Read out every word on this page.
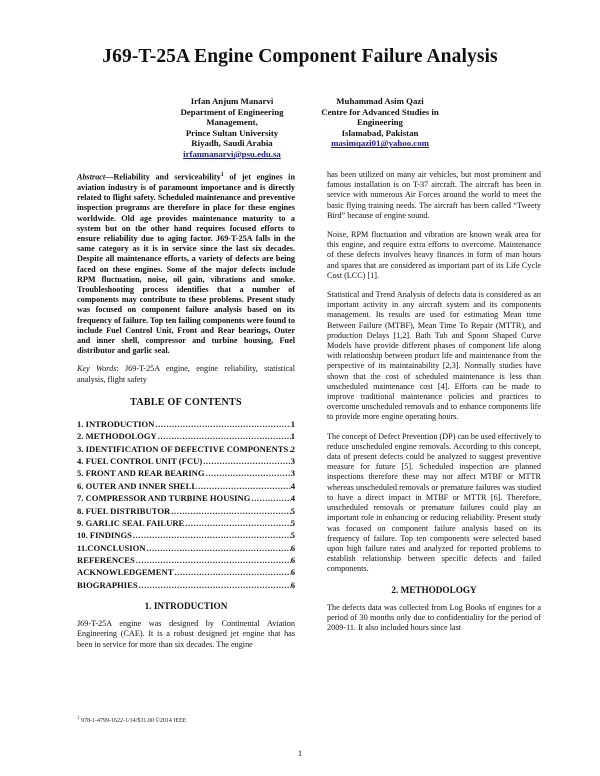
J69-T-25A Engine Component Failure Analysis
Irfan Anjum Manarvi
Department of Engineering
Management,
Prince Sultan University
Riyadh, Saudi Arabia
irfanmanarvi@psu.edu.sa
Muhammad Asim Qazi
Centre for Advanced Studies in
Engineering
Islamabad, Pakistan
masimqazi01@yahoo.com

Abstract—Reliability and serviceability$^1$ of jet engines in aviation industry is of paramount importance and is directly related to flight safety. Scheduled maintenance and preventive inspection programs are therefore in place for these engines worldwide. Old age provides maintenance maturity to a system but on the other hand requires focused efforts to ensure reliability due to aging factor. J69-T-25A falls in the same category as it is in service since the last six decades. Despite all maintenance efforts, a variety of defects are being faced on these engines. Some of the major defects include RPM fluctuation, noise, oil gain, vibrations and smoke. Troubleshooting process identifies that a number of components may contribute to these problems. Present study was focused on component failure analysis based on its frequency of failure. Top ten failing components were found to include Fuel Control Unit, Front and Rear bearings, Outer and inner shell, compressor and turbine housing, Fuel distributor and garlic seal.

Key Words: J69-T-25A engine, engine reliability, statistical analysis, flight safety

TABLE OF CONTENTS
1. INTRODUCTION .....	1
2. METHODOLOGY .....	1
3. IDENTIFICATION OF DEFECTIVE COMPONENTS ..... 2
4. FUEL CONTROL UNIT (FCU) .....	3
5. FRONT AND REAR BEARING .....	3
6. OUTER AND INNER SHELL .....	4
7. COMPRESSOR AND TURBINE HOUSING .....	4
8. FUEL DISTRIBUTOR .....	5
9. GARLIC SEAL FAILURE .....	5
10. FINDINGS .....	5
11.CONCLUSION .....	6
REFERENCES .....	6
ACKNOWLEDGEMENT .....	6
BIOGRAPHIES .....	6
1. INTRODUCTION

J69-T-25A engine was designed by Continental Aviation Engineering (CAE). It is a robust designed jet engine that has been in service for more than six decades. The engine

has been utilized on many air vehicles, but most prominent and famous installation is on T-37 aircraft. The aircraft has been in service with numerous Air Forces around the world to meet the basic flying training needs. The aircraft has been called “Tweety Bird” because of engine sound.

Noise, RPM fluctuation and vibration are known weak area for this engine, and require extra efforts to overcome. Maintenance of these defects involves heavy finances in form of man hours and spares that are considered as important part of its Life Cycle Cost (LCC) [1].

Statistical and Trend Analysis of defects data is considered as an important activity in any aircraft system and its components management. Its results are used for estimating Mean time Between Failure (MTBF), Mean Time To Repair (MTTR), and production Delays [1,2]. Bath Tub and Spoon Shaped Curve Models have provide different phases of component life along with relationship between product life and maintenance from the perspective of its maintainability [2,3]. Normally studies have shown that the cost of scheduled maintenance is less than unscheduled maintenance cost [4]. Efforts can be made to improve traditional maintenance policies and practices to overcome unscheduled removals and to enhance components life to provide more engine operating hours.

The concept of Defect Prevention (DP) can be used effectively to reduce unscheduled engine removals. According to this concept, data of present defects could be analyzed to suggest preventive measure for future [5]. Scheduled inspection are planned inspections therefore these may not affect MTBF or MTTR whereas unscheduled removals or premature failures was studied to have a direct impact in MTBF or MTTR [6]. Therefore, unscheduled removals or premature failures could play an important role in enhancing or reducing reliability. Present study was focused on component failure analysis based on its frequency of failure. Top ten components were selected based upon high failure rates and analyzed for reported problems to establish relationship between specific defects and failed components.

2. METHODOLOGY

The defects data was collected from Log Books of engines for a period of 30 months only due to confidentiality for the period of 2009-11. It also included hours since last

$^1$ 978-1-4799-1622-1/14/$31.00 ©2014 IEEE
1
